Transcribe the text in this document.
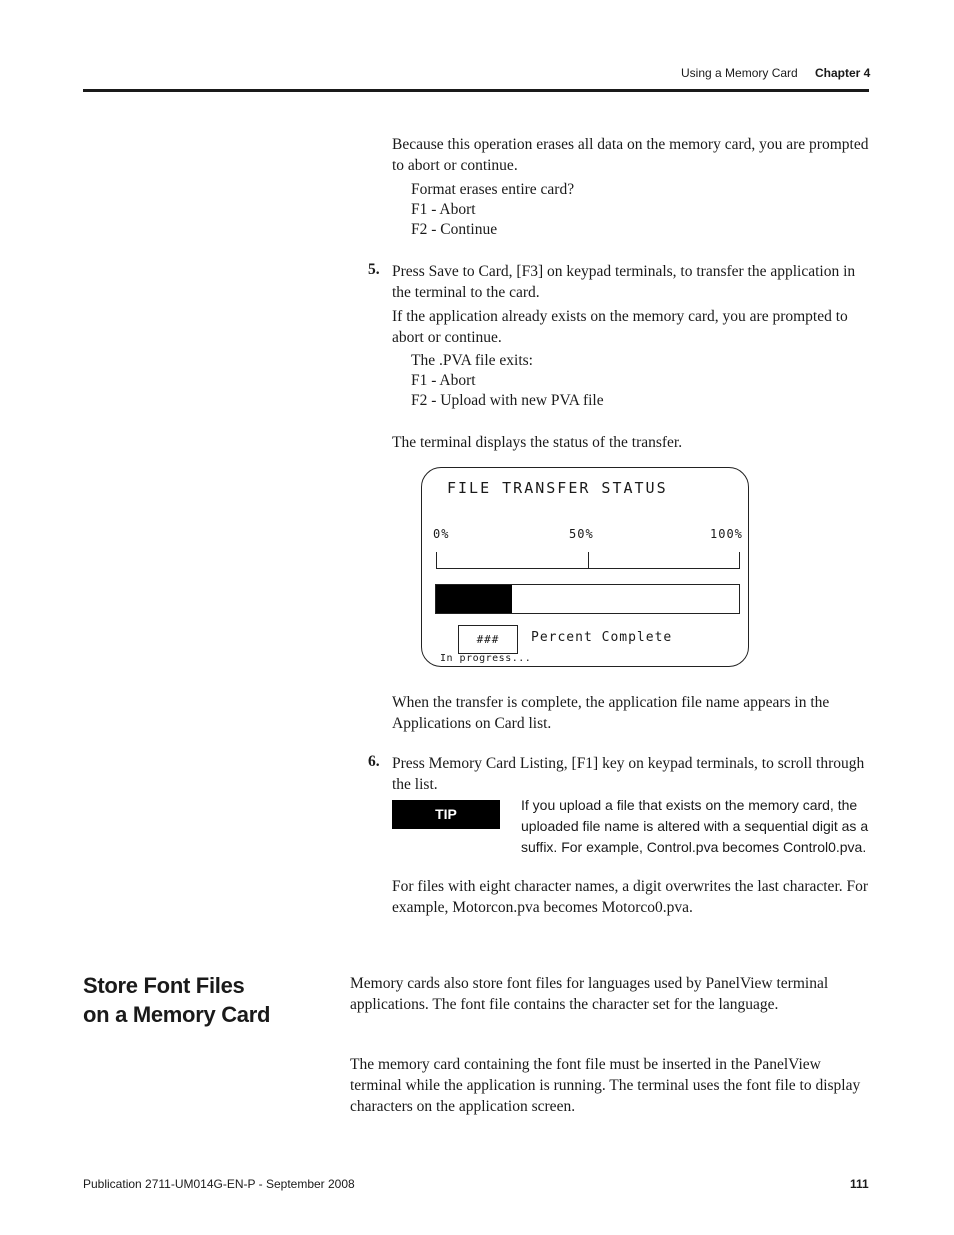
Using a Memory Card Chapter 4
Because this operation erases all data on the memory card, you are prompted to abort or continue.
Format erases entire card?
F1 - Abort
F2 - Continue
5. Press Save to Card, [F3] on keypad terminals, to transfer the application in the terminal to the card.
If the application already exists on the memory card, you are prompted to abort or continue.
The .PVA file exits:
F1 - Abort
F2 - Upload with new PVA file
The terminal displays the status of the transfer.
FILE TRANSFER STATUS
0%	50%	100%
###	Percent Complete
In progress...
When the transfer is complete, the application file name appears in the Applications on Card list.
6. Press Memory Card Listing, [F1] key on keypad terminals, to scroll through the list.
TIP
If you upload a file that exists on the memory card, the
uploaded file name is altered with a sequential digit as a
suffix. For example, Control.pva becomes Control0.pva.
For files with eight character names, a digit overwrites the last character. For example, Motorcon.pva becomes Motorco0.pva.
Store Font Files
on a Memory Card
Memory cards also store font files for languages used by PanelView terminal applications. The font file contains the character set for the language.
The memory card containing the font file must be inserted in the PanelView terminal while the application is running. The terminal uses the font file to display characters on the application screen.
Publication 2711-UM014G-EN-P - September 2008	111
